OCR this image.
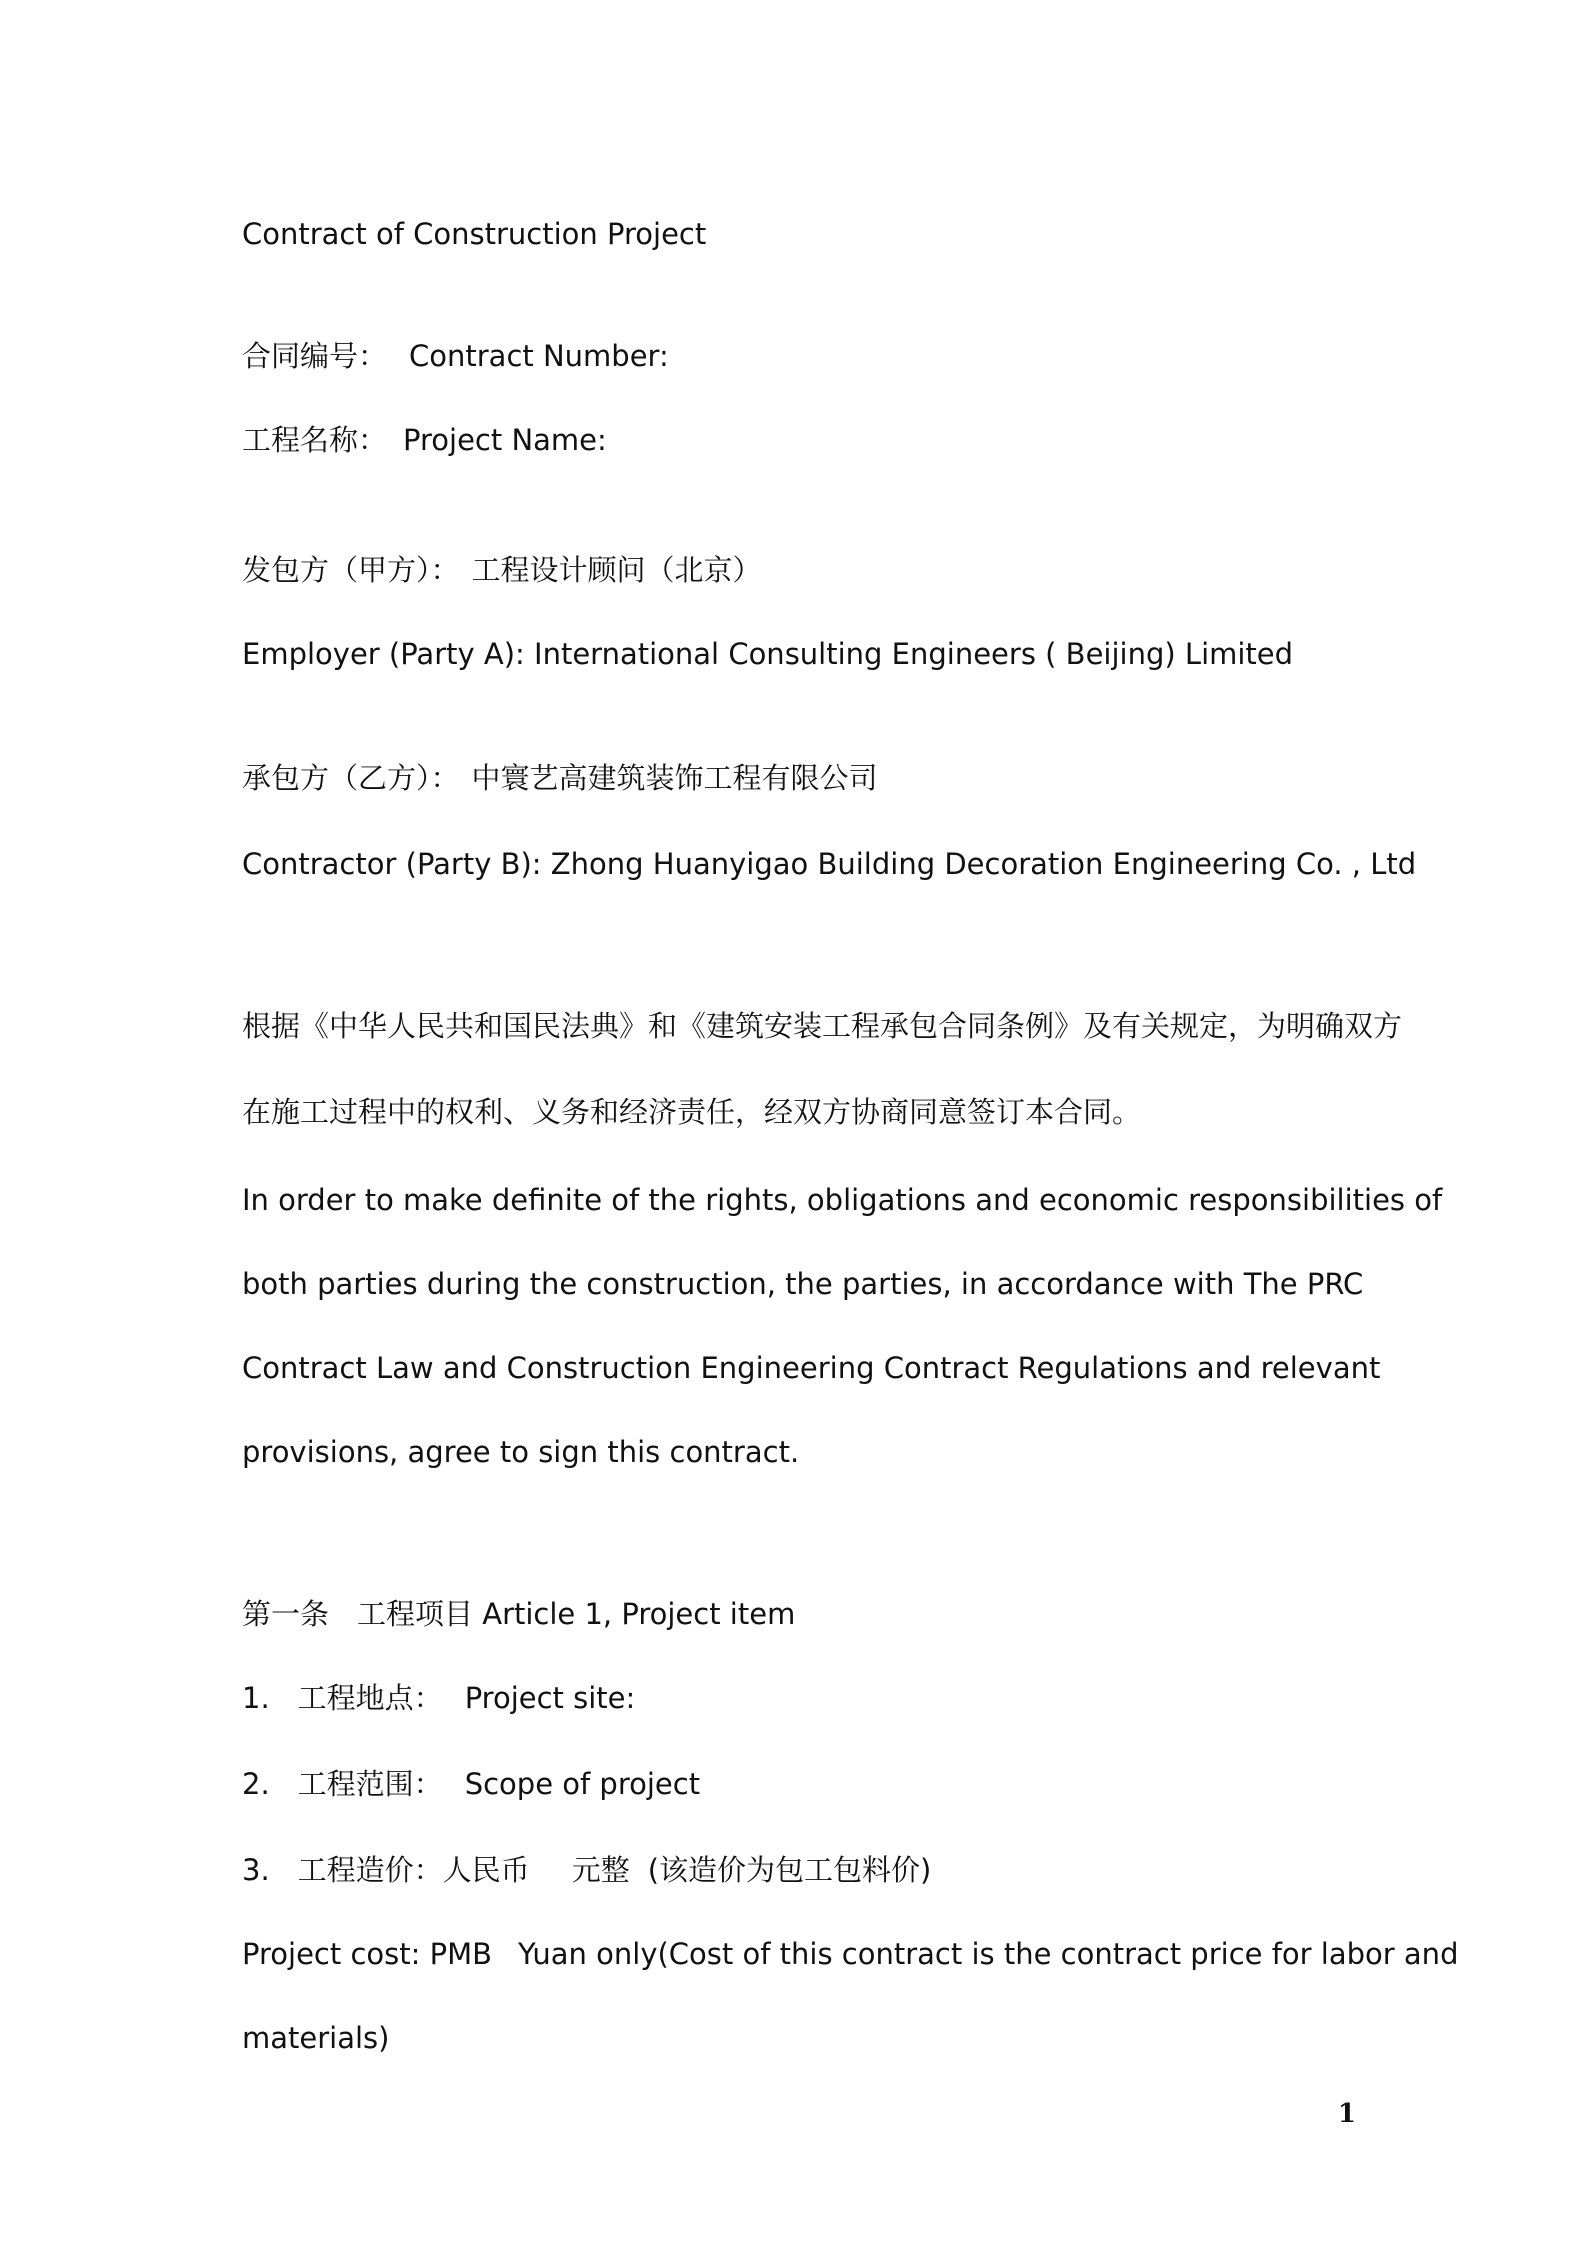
Contract of Construction Project
合同编号： Contract Number:
工程名称： Project Name:
发包方（甲方）： 工程设计顾问（北京）
Employer (Party A): International Consulting Engineers ( Beijing) Limited
承包方（乙方）： 中寰艺高建筑装饰工程有限公司
Contractor (Party B): Zhong Huanyigao Building Decoration Engineering Co. , Ltd
根据《中华人民共和国民法典》和《建筑安装工程承包合同条例》及有关规定，为明确双方
在施工过程中的权利、义务和经济责任，经双方协商同意签订本合同。
In order to make definite of the rights, obligations and economic responsibilities of
both parties during the construction, the parties, in accordance with The PRC
Contract Law and Construction Engineering Contract Regulations and relevant
provisions, agree to sign this contract.
第一条 工程项目 Article 1, Project item
1. 工程地点： Project site:
2. 工程范围： Scope of project
3. 工程造价：人民币 元整 (该造价为包工包料价)
Project cost: PMB Yuan only(Cost of this contract is the contract price for labor and
materials)
1
